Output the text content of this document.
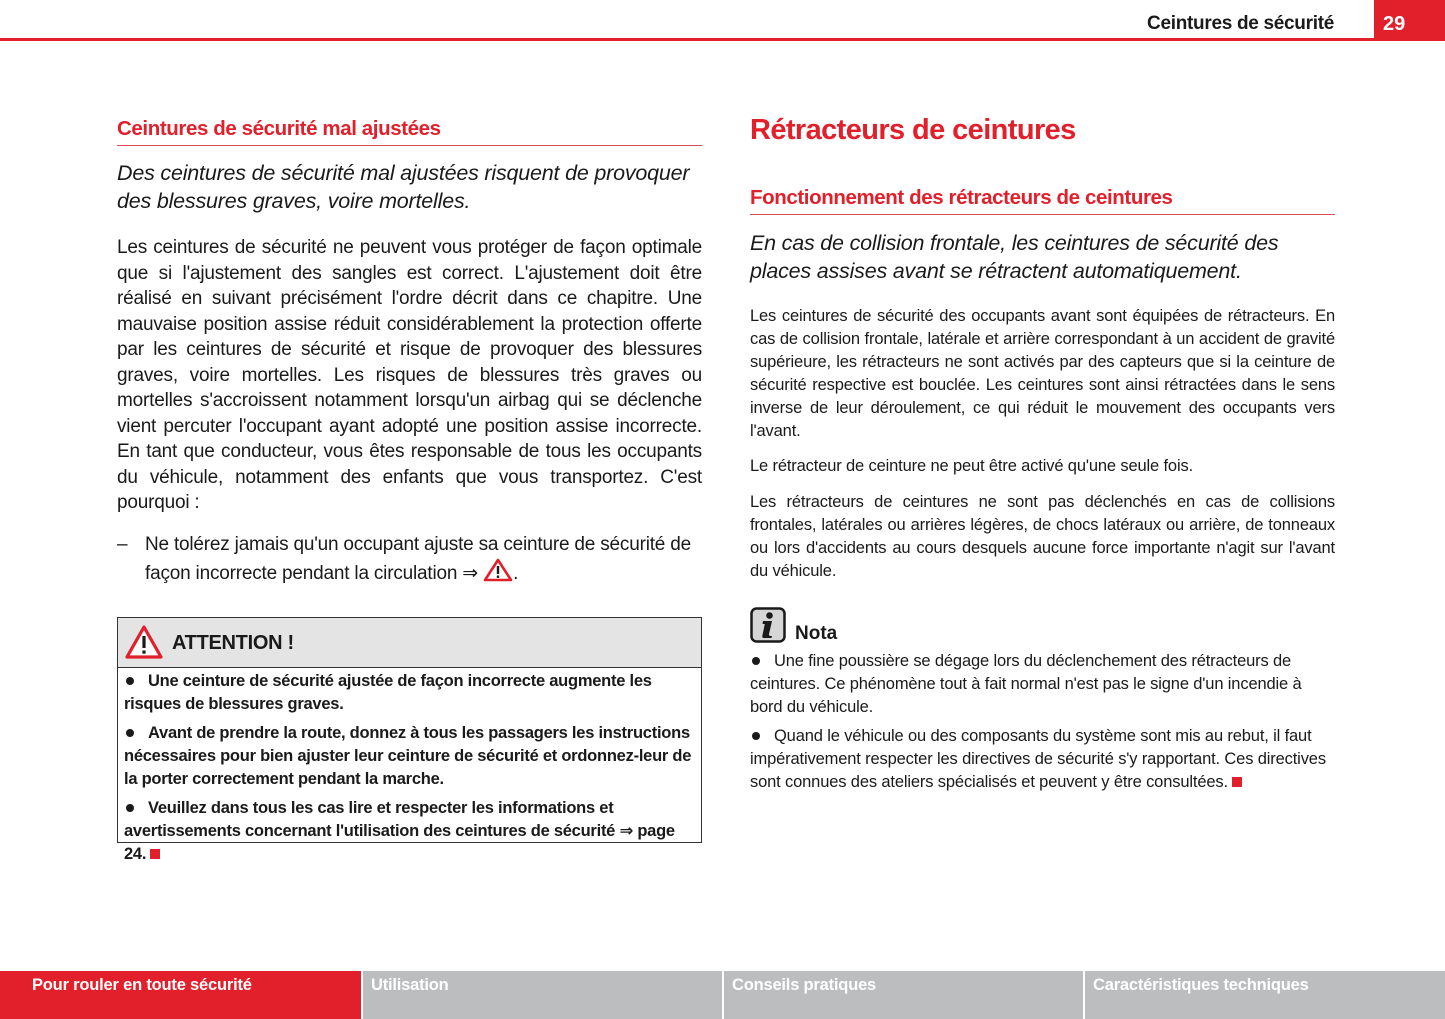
Ceintures de sécurité	29
Ceintures de sécurité mal ajustées
Des ceintures de sécurité mal ajustées risquent de provoquer des blessures graves, voire mortelles.
Les ceintures de sécurité ne peuvent vous protéger de façon optimale que si l'ajustement des sangles est correct. L'ajustement doit être réalisé en suivant précisément l'ordre décrit dans ce chapitre. Une mauvaise position assise réduit considérablement la protection offerte par les ceintures de sécurité et risque de provoquer des blessures graves, voire mortelles. Les risques de blessures très graves ou mortelles s'accroissent notamment lorsqu'un airbag qui se déclenche vient percuter l'occupant ayant adopté une position assise incorrecte. En tant que conducteur, vous êtes responsable de tous les occupants du véhicule, notamment des enfants que vous transportez. C'est pourquoi :
– Ne tolérez jamais qu'un occupant ajuste sa ceinture de sécurité de façon incorrecte pendant la circulation ⇒ .
ATTENTION !
Une ceinture de sécurité ajustée de façon incorrecte augmente les risques de blessures graves.
Avant de prendre la route, donnez à tous les passagers les instructions nécessaires pour bien ajuster leur ceinture de sécurité et ordonnez-leur de la porter correctement pendant la marche.
Veuillez dans tous les cas lire et respecter les informations et avertissements concernant l'utilisation des ceintures de sécurité ⇒ page 24.
Rétracteurs de ceintures
Fonctionnement des rétracteurs de ceintures
En cas de collision frontale, les ceintures de sécurité des places assises avant se rétractent automatiquement.
Les ceintures de sécurité des occupants avant sont équipées de rétracteurs. En cas de collision frontale, latérale et arrière correspondant à un accident de gravité supérieure, les rétracteurs ne sont activés par des capteurs que si la ceinture de sécurité respective est bouclée. Les ceintures sont ainsi rétractées dans le sens inverse de leur déroulement, ce qui réduit le mouvement des occupants vers l'avant.
Le rétracteur de ceinture ne peut être activé qu'une seule fois.
Les rétracteurs de ceintures ne sont pas déclenchés en cas de collisions frontales, latérales ou arrières légères, de chocs latéraux ou arrière, de tonneaux ou lors d'accidents au cours desquels aucune force importante n'agit sur l'avant du véhicule.
Nota
Une fine poussière se dégage lors du déclenchement des rétracteurs de ceintures. Ce phénomène tout à fait normal n'est pas le signe d'un incendie à bord du véhicule.
Quand le véhicule ou des composants du système sont mis au rebut, il faut impérativement respecter les directives de sécurité s'y rapportant. Ces directives sont connues des ateliers spécialisés et peuvent y être consultées.
Pour rouler en toute sécurité	Utilisation	Conseils pratiques	Caractéristiques techniques
